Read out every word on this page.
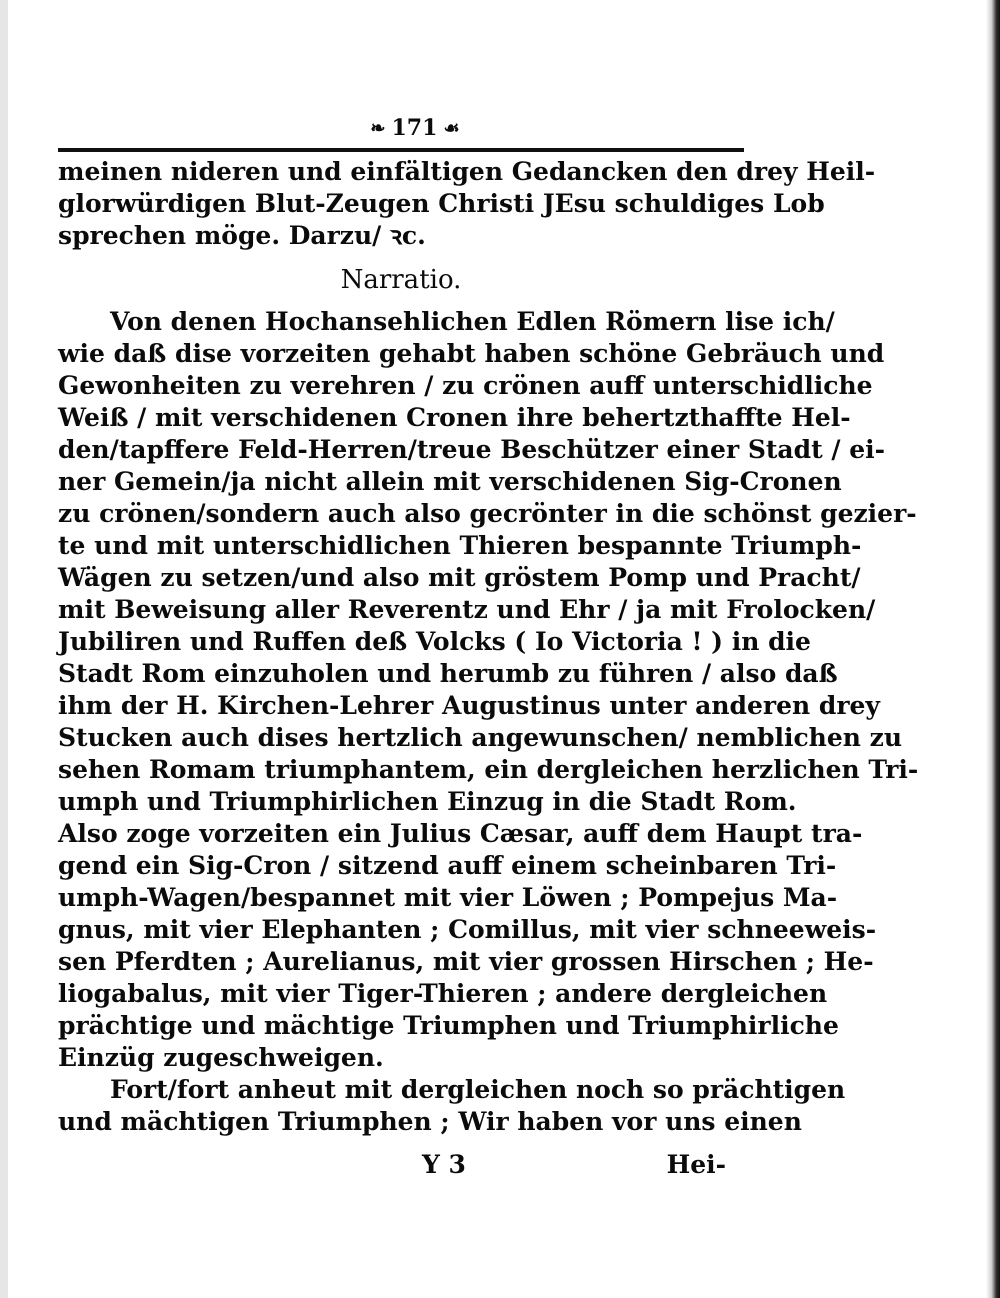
❧ 171 ☙
meinen nideren und einfältigen Gedancken den drey Heil-
glorwürdigen Blut-Zeugen Christi JEsu schuldiges Lob
sprechen möge. Darzu/ ꝛc.
Narratio.
Von denen Hochansehlichen Edlen Römern lise ich/
wie daß dise vorzeiten gehabt haben schöne Gebräuch und
Gewonheiten zu verehren / zu crönen auff unterschidliche
Weiß / mit verschidenen Cronen ihre behertzthaffte Hel-
den/tapffere Feld-Herren/treue Beschützer einer Stadt / ei-
ner Gemein/ja nicht allein mit verschidenen Sig-Cronen
zu crönen/sondern auch also gecrönter in die schönst gezier-
te und mit unterschidlichen Thieren bespannte Triumph-
Wägen zu setzen/und also mit gröstem Pomp und Pracht/
mit Beweisung aller Reverentz und Ehr / ja mit Frolocken/
Jubiliren und Ruffen deß Volcks ( Io Victoria ! ) in die
Stadt Rom einzuholen und herumb zu führen / also daß
ihm der H. Kirchen-Lehrer Augustinus unter anderen drey
Stucken auch dises hertzlich angewunschen/ nemblichen zu
sehen Romam triumphantem, ein dergleichen herzlichen Tri-
umph und Triumphirlichen Einzug in die Stadt Rom.
Also zoge vorzeiten ein Julius Cæsar, auff dem Haupt tra-
gend ein Sig-Cron / sitzend auff einem scheinbaren Tri-
umph-Wagen/bespannet mit vier Löwen ; Pompejus Ma-
gnus, mit vier Elephanten ; Comillus, mit vier schneeweis-
sen Pferdten ; Aurelianus, mit vier grossen Hirschen ; He-
liogabalus, mit vier Tiger-Thieren ; andere dergleichen
prächtige und mächtige Triumphen und Triumphirliche
Einzüg zugeschweigen.
Fort/fort anheut mit dergleichen noch so prächtigen
und mächtigen Triumphen ; Wir haben vor uns einen
Y 3	Hei-
